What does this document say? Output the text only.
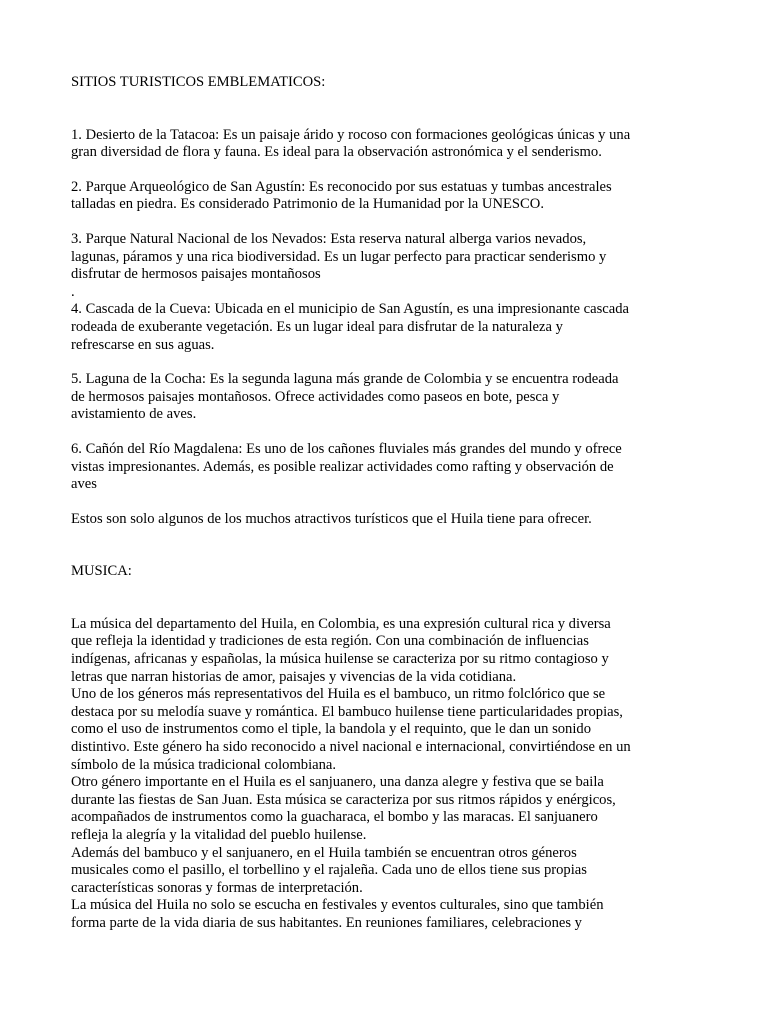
SITIOS TURISTICOS EMBLEMATICOS:

1. Desierto de la Tatacoa: Es un paisaje árido y rocoso con formaciones geológicas únicas y una
gran diversidad de flora y fauna. Es ideal para la observación astronómica y el senderismo.

2. Parque Arqueológico de San Agustín: Es reconocido por sus estatuas y tumbas ancestrales
talladas en piedra. Es considerado Patrimonio de la Humanidad por la UNESCO.

3. Parque Natural Nacional de los Nevados: Esta reserva natural alberga varios nevados,
lagunas, páramos y una rica biodiversidad. Es un lugar perfecto para practicar senderismo y
disfrutar de hermosos paisajes montañosos
.

4. Cascada de la Cueva: Ubicada en el municipio de San Agustín, es una impresionante cascada
rodeada de exuberante vegetación. Es un lugar ideal para disfrutar de la naturaleza y
refrescarse en sus aguas.

5. Laguna de la Cocha: Es la segunda laguna más grande de Colombia y se encuentra rodeada
de hermosos paisajes montañosos. Ofrece actividades como paseos en bote, pesca y
avistamiento de aves.

6. Cañón del Río Magdalena: Es uno de los cañones fluviales más grandes del mundo y ofrece
vistas impresionantes. Además, es posible realizar actividades como rafting y observación de
aves

Estos son solo algunos de los muchos atractivos turísticos que el Huila tiene para ofrecer.

MUSICA:

La música del departamento del Huila, en Colombia, es una expresión cultural rica y diversa
que refleja la identidad y tradiciones de esta región. Con una combinación de influencias
indígenas, africanas y españolas, la música huilense se caracteriza por su ritmo contagioso y
letras que narran historias de amor, paisajes y vivencias de la vida cotidiana.

Uno de los géneros más representativos del Huila es el bambuco, un ritmo folclórico que se
destaca por su melodía suave y romántica. El bambuco huilense tiene particularidades propias,
como el uso de instrumentos como el tiple, la bandola y el requinto, que le dan un sonido
distintivo. Este género ha sido reconocido a nivel nacional e internacional, convirtiéndose en un
símbolo de la música tradicional colombiana.

Otro género importante en el Huila es el sanjuanero, una danza alegre y festiva que se baila
durante las fiestas de San Juan. Esta música se caracteriza por sus ritmos rápidos y enérgicos,
acompañados de instrumentos como la guacharaca, el bombo y las maracas. El sanjuanero
refleja la alegría y la vitalidad del pueblo huilense.

Además del bambuco y el sanjuanero, en el Huila también se encuentran otros géneros
musicales como el pasillo, el torbellino y el rajaleña. Cada uno de ellos tiene sus propias
características sonoras y formas de interpretación.

La música del Huila no solo se escucha en festivales y eventos culturales, sino que también
forma parte de la vida diaria de sus habitantes. En reuniones familiares, celebraciones y
